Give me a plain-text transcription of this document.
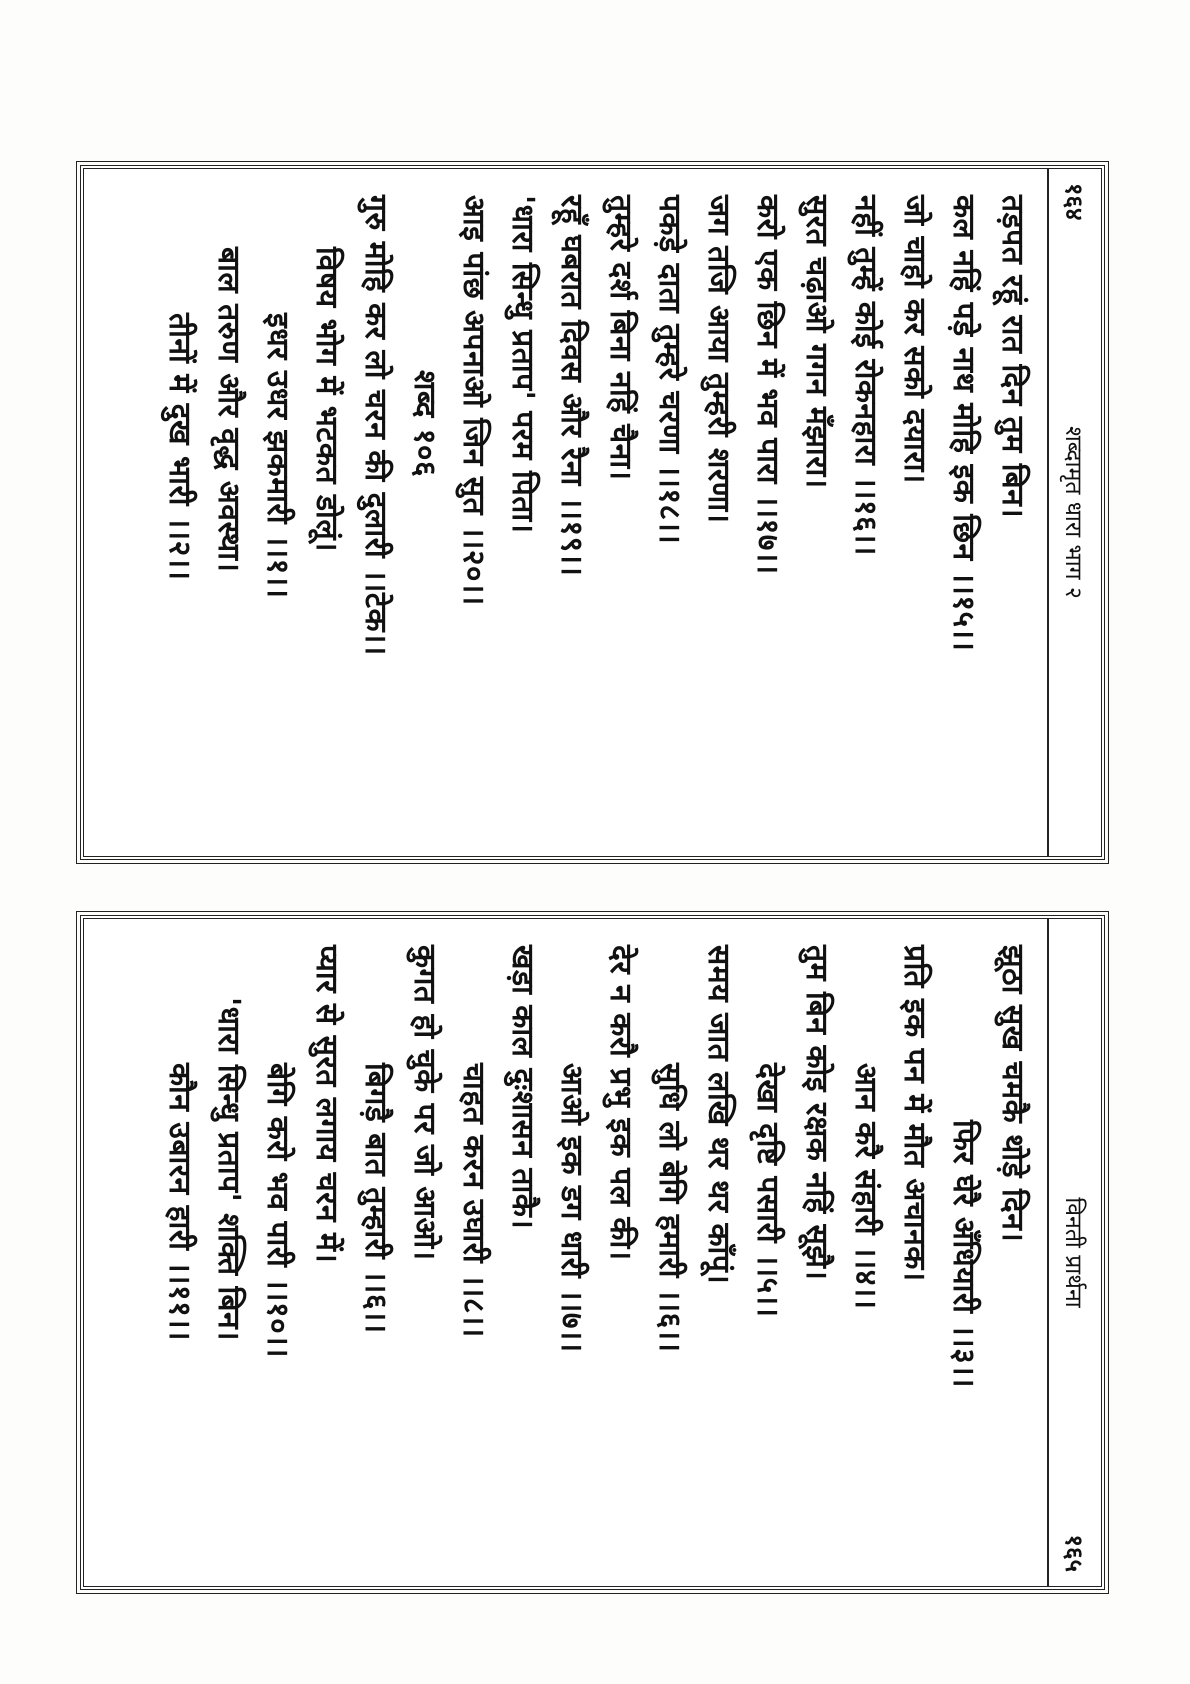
१६४
शब्दामृत धारा भाग २
तड़पत रहूं रात दिन तुम बिन।
कल नहिं पड़े नाथ मोहि इक छिन ।।१५।।
जो चाहो कर सको दयारा।
नहीं तुम्हें कोई रोकनहारा ।।१६।।
सुरत चढ़ाओ गगन मँझारा।
करो एक छिन में भव पारा ।।१७।।
जग तजि आया तुम्हरी शरणा।
पकड़े दाता तुम्हरे चरणा ।।१८।।
तुम्हरे दर्श बिना नहिं चैना।
रहूँ घबरात दिवस और रैना ।।१९।।
'धारा सिन्धु प्रताप' परम पिता।
आइ पांछ अपनाओ जिन सुत ।।२०।।
शब्द १०६
गुरु मोहि कर लो चरन की दुलारी ।।टेक।।
विषय भोग में भटकत डोलूं।
इधर उधर झकमारी ।।१।।
बाल तरुण और वृद्ध अवस्था।
तीनों में दुख भारी ।।२।।
विनती प्रार्थना
१६५
झूठा सुख चमकै थोड़े दिन।
फिर घेरै अँधियारी ।।३।।
प्रति इक पन में मौत अचानक।
आन करै संहारी ।।४।।
तुम बिन कोइ रक्षक नहिं सूझै।
देखा दृष्टि पसारी ।।५।।
समय जात लखि थर थर काँपूं।
सुधि लो बेगि हमारी ।।६।।
देर न करौ प्रभु इक पल की।
आओ इक डग धारी ।।७।।
खड़ा काल दुःशासन ताकै।
चाहत करन उघारी ।।८।।
कुगत हो चुके पर जो आओ।
बिगड़ै बात तुम्हारी ।।६।।
प्यार से सुरत लगाय चरन में।
बेगि करो भव पारी ।।१०।।
'धारा सिन्धु प्रताप' शक्ति बिन।
कौन उबारन हारी ।।११।।
